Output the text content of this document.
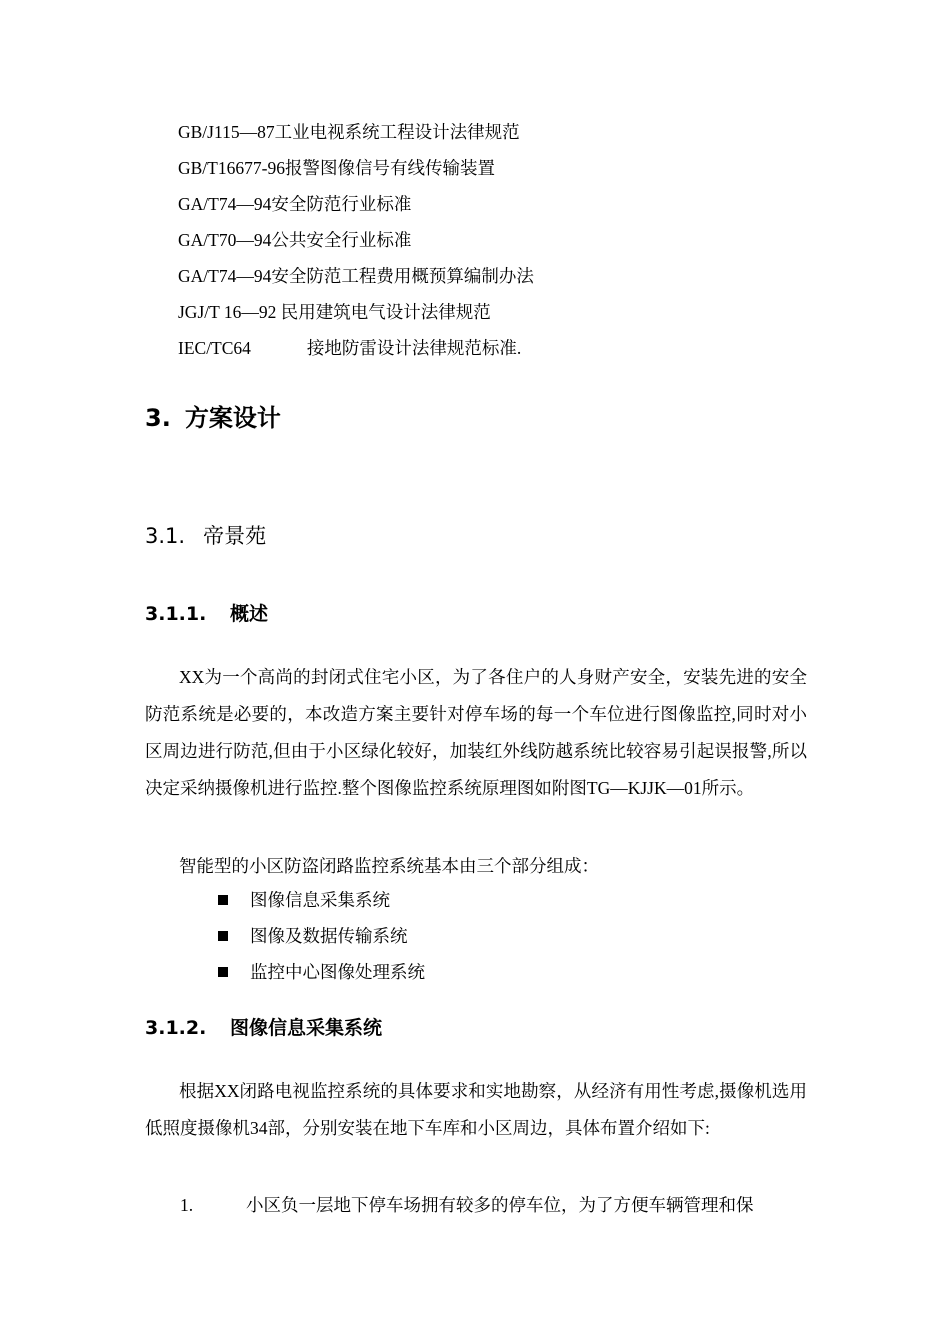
GB/J115—87工业电视系统工程设计法律规范
GB/T16677-96报警图像信号有线传输装置
GA/T74—94安全防范行业标准
GA/T70—94公共安全行业标准
GA/T74—94安全防范工程费用概预算编制办法
JGJ/T 16—92 民用建筑电气设计法律规范
IEC/TC64	接地防雷设计法律规范标准.
3. 方案设计
3.1. 帝景苑
3.1.1. 概述

XX为一个高尚的封闭式住宅小区，为了各住户的人身财产安全，安装先进的安全防范系统是必要的，本改造方案主要针对停车场的每一个车位进行图像监控,同时对小区周边进行防范,但由于小区绿化较好，加装红外线防越系统比较容易引起误报警,所以决定采纳摄像机进行监控.整个图像监控系统原理图如附图TG—KJJK—01所示。

智能型的小区防盗闭路监控系统基本由三个部分组成：

图像信息采集系统
图像及数据传输系统
监控中心图像处理系统
3.1.2. 图像信息采集系统

根据XX闭路电视监控系统的具体要求和实地勘察，从经济有用性考虑,摄像机选用低照度摄像机34部，分别安装在地下车库和小区周边，具体布置介绍如下:

1.	小区负一层地下停车场拥有较多的停车位，为了方便车辆管理和保
